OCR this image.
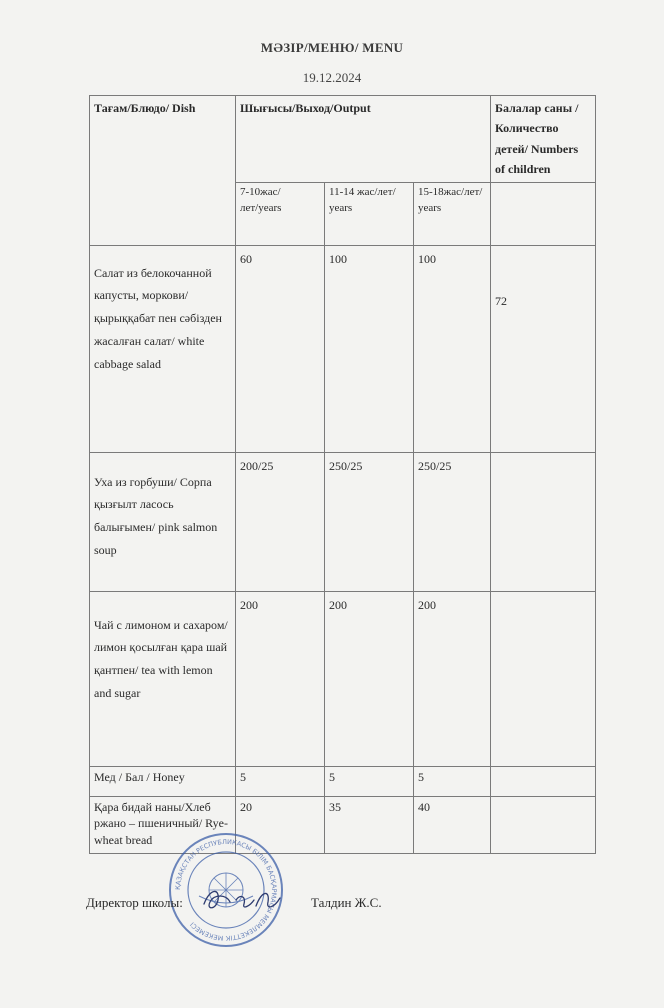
МӘЗІР/МЕНЮ/ MENU
19.12.2024
Тағам/Блюдо/ Dish	Шығысы/Выход/Output			Балалар саны /Количество детей/ Numbers of children
	7-10жас/лет/years	11-14 жас/лет/ years	15-18жас/лет/ years	
Салат из белокочанной капусты, моркови/ қырыққабат пен сәбізден жасалған салат/ white cabbage salad	60	100	100	72
Уха из горбуши/ Сорпа қызғылт ласось балығымен/ pink salmon soup	200/25	250/25	250/25	
Чай с лимоном и сахаром/ лимон қосылған қара шай қантпен/ tea with lemon and sugar	200	200	200	
Мед / Бал / Honey	5	5	5	
Қара бидай наны/Хлеб ржано – пшеничный/ Rye-wheat bread	20	35	40	
ҚАЗАҚСТАН РЕСПУБЛИКАСЫ БІЛІМ БАСҚАРМАСЫ МЕМЛЕКЕТТІК МЕКЕМЕСІ
Директор школы:	Талдин Ж.С.
